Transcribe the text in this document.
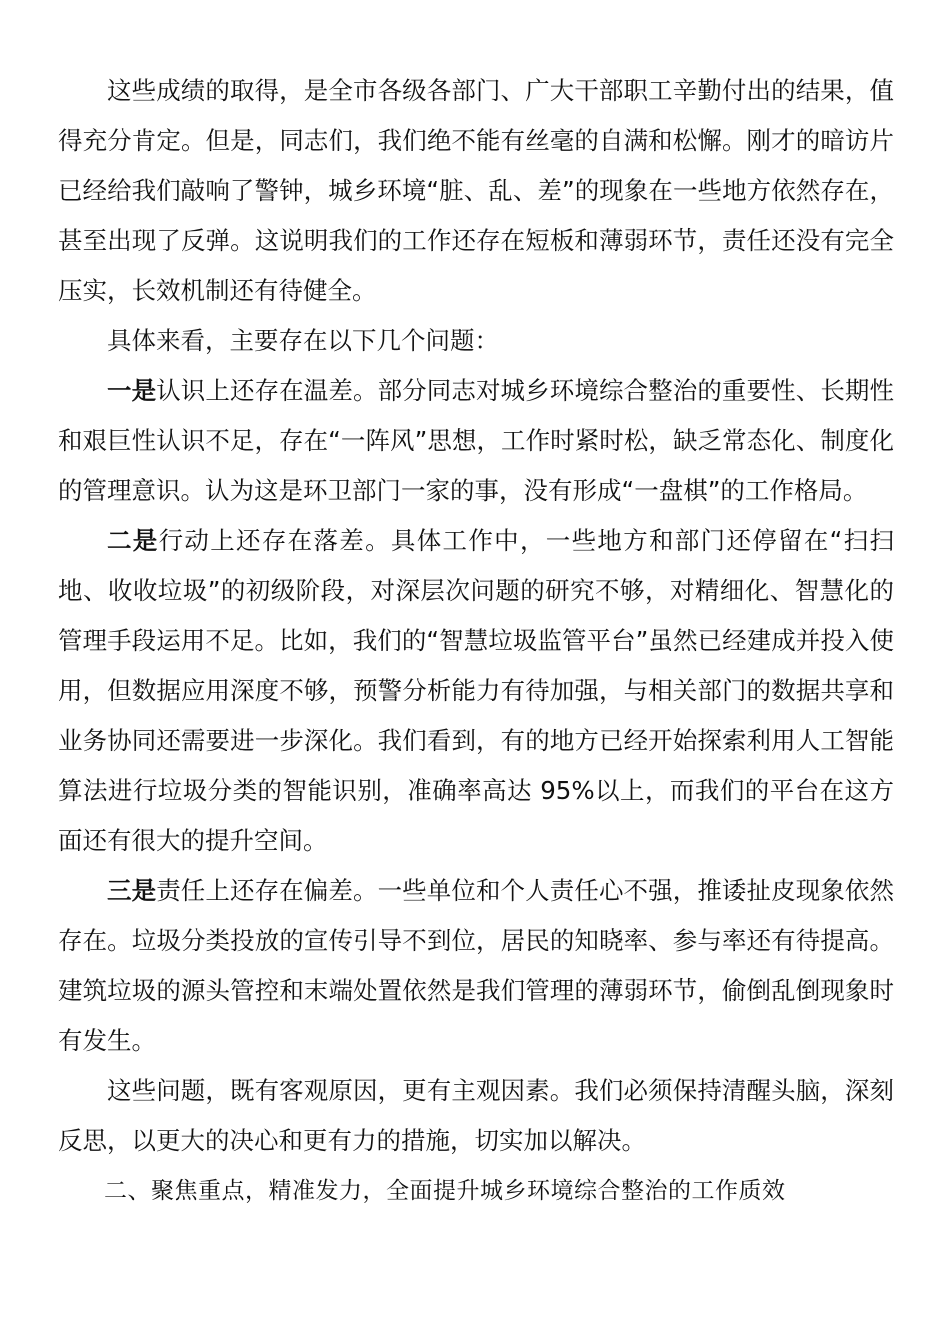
这些成绩的取得，是全市各级各部门、广大干部职工辛勤付出的结果，值得充分肯定。但是，同志们，我们绝不能有丝毫的自满和松懈。刚才的暗访片已经给我们敲响了警钟，城乡环境“脏、乱、差”的现象在一些地方依然存在，甚至出现了反弹。这说明我们的工作还存在短板和薄弱环节，责任还没有完全压实，长效机制还有待健全。

具体来看，主要存在以下几个问题：

一是认识上还存在温差。部分同志对城乡环境综合整治的重要性、长期性和艰巨性认识不足，存在“一阵风”思想，工作时紧时松，缺乏常态化、制度化的管理意识。认为这是环卫部门一家的事，没有形成“一盘棋”的工作格局。

二是行动上还存在落差。具体工作中，一些地方和部门还停留在“扫扫地、收收垃圾”的初级阶段，对深层次问题的研究不够，对精细化、智慧化的管理手段运用不足。比如，我们的“智慧垃圾监管平台”虽然已经建成并投入使用，但数据应用深度不够，预警分析能力有待加强，与相关部门的数据共享和业务协同还需要进一步深化。我们看到，有的地方已经开始探索利用人工智能算法进行垃圾分类的智能识别，准确率高达 95%以上，而我们的平台在这方面还有很大的提升空间。

三是责任上还存在偏差。一些单位和个人责任心不强，推诿扯皮现象依然存在。垃圾分类投放的宣传引导不到位，居民的知晓率、参与率还有待提高。建筑垃圾的源头管控和末端处置依然是我们管理的薄弱环节，偷倒乱倒现象时有发生。

这些问题，既有客观原因，更有主观因素。我们必须保持清醒头脑，深刻反思，以更大的决心和更有力的措施，切实加以解决。

二、聚焦重点，精准发力，全面提升城乡环境综合整治的工作质效
